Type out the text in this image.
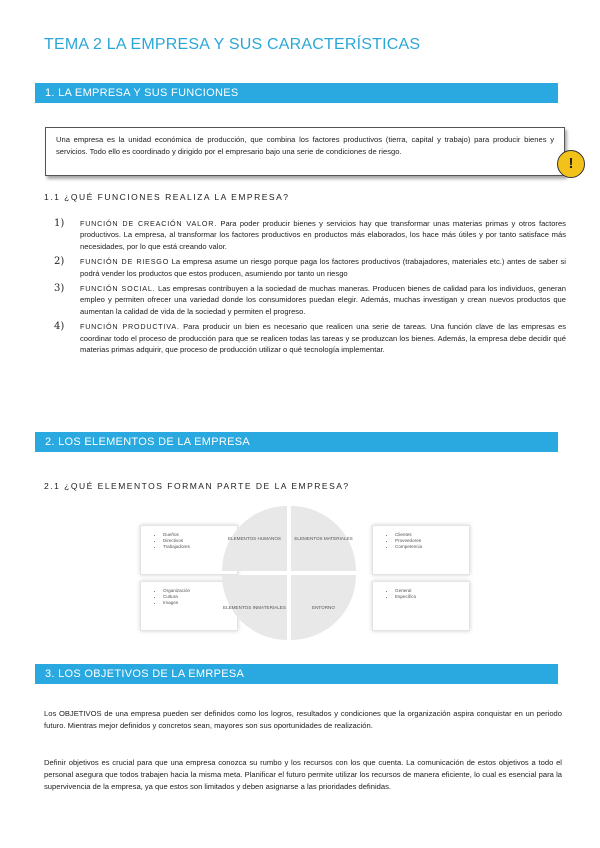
TEMA 2 LA EMPRESA Y SUS CARACTERÍSTICAS
1. LA EMPRESA Y SUS FUNCIONES
Una empresa es la unidad económica de producción, que combina los factores productivos (tierra, capital y trabajo) para producir bienes y servicios. Todo ello es coordinado y dirigido por el empresario bajo una serie de condiciones de riesgo.
!
1.1 ¿QUÉ FUNCIONES REALIZA LA EMPRESA?
1) FUNCIÓN DE CREACIÓN VALOR. Para poder producir bienes y servicios hay que transformar unas materias primas y otros factores productivos. La empresa, al transformar los factores productivos en productos más elaborados, los hace más útiles y por tanto satisface más necesidades, por lo que está creando valor.
2) FUNCIÓN DE RIESGO La empresa asume un riesgo porque paga los factores productivos (trabajadores, materiales etc.) antes de saber si podrá vender los productos que estos producen, asumiendo por tanto un riesgo
3) FUNCIÓN SOCIAL. Las empresas contribuyen a la sociedad de muchas maneras. Producen bienes de calidad para los individuos, generan empleo y permiten ofrecer una variedad donde los consumidores puedan elegir. Además, muchas investigan y crean nuevos productos que aumentan la calidad de vida de la sociedad y permiten el progreso.
4) FUNCIÓN PRODUCTIVA. Para producir un bien es necesario que realicen una serie de tareas. Una función clave de las empresas es coordinar todo el proceso de producción para que se realicen todas las tareas y se produzcan los bienes. Además, la empresa debe decidir qué materias primas adquirir, que proceso de producción utilizar o qué tecnología implementar.
2. LOS ELEMENTOS DE LA EMPRESA
2.1 ¿QUÉ ELEMENTOS FORMAN PARTE DE LA EMPRESA?
• Dueños
• Directivos
• Trabajadores
• Clientes
• Proveedores
• Competencia
• Organización
• Cultura
• Imagen
• General
• Específico
ELEMENTOS HUMANOS	ELEMENTOS MATERIALES
ELEMENTOS INMATERIALES	ENTORNO
3. LOS OBJETIVOS DE LA EMRPESA

Los OBJETIVOS de una empresa pueden ser definidos como los logros, resultados y condiciones que la organización aspira conquistar en un periodo futuro. Mientras mejor definidos y concretos sean, mayores son sus oportunidades de realización.

Definir objetivos es crucial para que una empresa conozca su rumbo y los recursos con los que cuenta. La comunicación de estos objetivos a todo el personal asegura que todos trabajen hacia la misma meta. Planificar el futuro permite utilizar los recursos de manera eficiente, lo cual es esencial para la supervivencia de la empresa, ya que estos son limitados y deben asignarse a las prioridades definidas.
